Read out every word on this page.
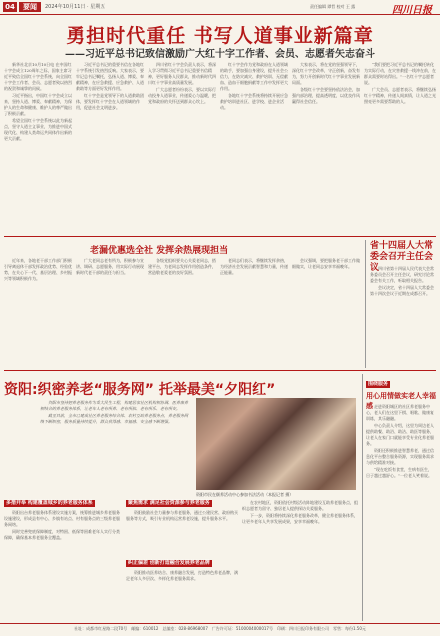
04	要闻	2024年10月11日 · 星期五	责任编辑 谭哲 校对 王 露	四川日报
勇担时代重任 书写人道事业新篇章
——习近平总书记致信激励广大红十字工作者、会员、志愿者矢志奋斗

新华社北京10月10日电 在中国红十字会成立120周年之际，国家主席习近平致信全国红十字会系统，向全国红十字会工作者、会员、志愿者致以热烈的祝贺和诚挚的问候。

习近平指出，中国红十字会成立以来，坚持人道、博爱、奉献精神，为保护人的生命和健康、维护人的尊严做出了积极贡献。

希望全国红十字会系统以此为新起点，坚守人道主义事业，为推进中国式现代化、构建人类命运共同体作出新的更大贡献。

习近平总书记的重要书信在各地红十字系统引发热烈反响。大家表示，要牢记总书记嘱托，弘扬人道、博爱、奉献精神，在应急救援、应急救护、人道救助等方面更好发挥作用。

红十字会是党领导下的人道救助团体，要发挥红十字会在人道领域的作用，促进社会文明进步。

四川省红十字会负责人表示，将深入学习贯彻习近平总书记重要书信精神，更好服务人民群众，推动新时代四川红十字事业高质量发展。

广大志愿者纷纷表示，要以实际行动投身人道事业，传递爱心与温暖，把党和政府的关怀送到群众心坎上。

红十字会作为党和政府在人道领域的助手，要加强自身建设，提升社会公信力，在防灾减灾、救护培训、无偿献血、造血干细胞捐献等工作中发挥更大作用。

各地红十字会系统将持续开展应急救护培训进社区、进学校、进企业活动。

大家表示，将在党的坚强领导下，深化红十字会改革，守正创新，奋发有为，努力开创新时代红十字事业发展新局面。

各级红十字会要坚持依法治会，加强内部治理，提高透明度，以优良作风赢得社会信任。

“我们要把习近平总书记的嘱托转化为实际行动，在灾害救援一线冲在前，在群众需要时站得出。”一名红十字志愿者说。

广大会员、志愿者表示，将继续弘扬红十字精神，传递人间真情，让人道之光照亮更多需要帮助的人。

老漏优惠选全社 发挥余热展现担当

近年来，各地老干部工作部门积极引导离退休干部发挥政治优势、经验优势，在关心下一代、基层治理、乡村振兴等领域积极作为。

广大老同志老有所为，积极参与宣讲、调研、志愿服务，用实际行动展现新时代老干部的责任与担当。

各级党组织要关心关爱老同志，搭建平台，为老同志发挥作用创造条件，营造敬老爱老的良好氛围。

老同志们表示，将继续发挥余热，为经济社会发展贡献智慧和力量，传递正能量。

会议强调，要把服务老干部工作做细做实，让老同志安享幸福晚年。

省十四届人大常委会召开主任会议

四川省第十四届人民代表大会常务委员会召开主任会议，研究讨论常委会有关工作，听取相关报告。

会议决定，省十四届人大常委会第十四次会议于近期在成都召开。

资阳:织密养老“服务网” 托举最美“夕阳红”

资阳市坚持把养老服务作为重大民生工程，构建居家社区机构相协调、医养康养相结合的养老服务体系，让老年人老有所养、老有所依、老有所乐、老有所安。

截至目前，全市已建成社区养老服务综合体、农村互助养老服务点，养老服务网络不断织密，服务质量持续提升，群众获得感、幸福感、安全感不断增强。

资阳市民在颐养活动中心参加书法活动（本报记者 摄）
围绕服务
用心用情做实老人幸福感 走进资阳城区的社区养老服务中心，老人们在这里下棋、唱歌、做康复训练，其乐融融。

中心负责人介绍，这里为周边老人提供助餐、助浴、助洁、助医等服务，让老人在家门口就能享受专业化养老服务。

资阳还积极推进智慧养老，通过信息化平台整合服务资源，实现服务需求与供给精准对接。

“现在吃饭有食堂，生病有医生，日子越过越舒心。”一位老人笑着说。

多措并举 构建覆盖城乡的养老服务体系

资阳出台养老服务体系建设实施方案，统筹推进城乡养老服务设施建设，形成县有中心、乡镇有站点、村有服务点的三级养老服务网络。

同时完善兜底保障制度，对特困、低保等困难老年人实行分类保障，确保基本养老服务全覆盖。

聚焦需求 满足社会资源参与养老服务

资阳鼓励社会力量参与养老服务，通过公建民营、政府购买服务等方式，吸引专业机构运营养老设施，提升服务水平。

纠正偏差 创新打造融合发展养老品牌

资阳推动医养结合、康养融合发展，打造特色养老品牌，满足老年人多层次、多样化养老服务需求。

在农村地区，资阳依托村级活动阵地建设互助养老服务点，组织志愿者为留守、独居老人提供探访关爱服务。

下一步，资阳将持续深化养老服务改革，健全养老服务体系，让更多老年人共享发展成果，安享幸福晚年。

社址：成都市红星路二段70号　邮编：610012　总编室：028-86968007　广告许可证：5100004000017号　印刷：四川日报印务有限公司　零售：每份1.50元
